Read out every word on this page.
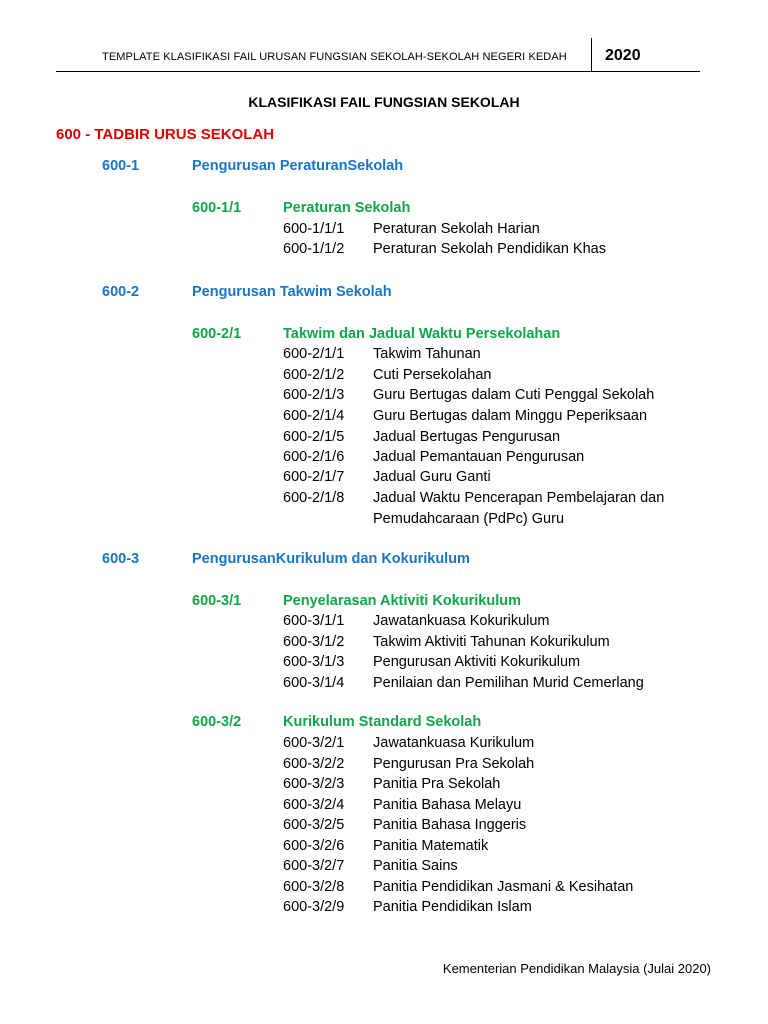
TEMPLATE KLASIFIKASI FAIL URUSAN FUNGSIAN SEKOLAH-SEKOLAH NEGERI KEDAH 2020
KLASIFIKASI FAIL FUNGSIAN SEKOLAH
600 - TADBIR URUS SEKOLAH
600-1	Pengurusan PeraturanSekolah
600-1/1	Peraturan Sekolah
600-1/1/1 Peraturan Sekolah Harian
600-1/1/2 Peraturan Sekolah Pendidikan Khas
600-2	Pengurusan Takwim Sekolah
600-2/1	Takwim dan Jadual Waktu Persekolahan
600-2/1/1 Takwim Tahunan
600-2/1/2 Cuti Persekolahan
600-2/1/3 Guru Bertugas dalam Cuti Penggal Sekolah
600-2/1/4 Guru Bertugas dalam Minggu Peperiksaan
600-2/1/5 Jadual Bertugas Pengurusan
600-2/1/6 Jadual Pemantauan Pengurusan
600-2/1/7 Jadual Guru Ganti
600-2/1/8 Jadual Waktu Pencerapan Pembelajaran dan
Pemudahcaraan (PdPc) Guru
600-3	PengurusanKurikulum dan Kokurikulum
600-3/1	Penyelarasan Aktiviti Kokurikulum
600-3/1/1 Jawatankuasa Kokurikulum
600-3/1/2 Takwim Aktiviti Tahunan Kokurikulum
600-3/1/3 Pengurusan Aktiviti Kokurikulum
600-3/1/4 Penilaian dan Pemilihan Murid Cemerlang
600-3/2	Kurikulum Standard Sekolah
600-3/2/1 Jawatankuasa Kurikulum
600-3/2/2 Pengurusan Pra Sekolah
600-3/2/3 Panitia Pra Sekolah
600-3/2/4 Panitia Bahasa Melayu
600-3/2/5 Panitia Bahasa Inggeris
600-3/2/6 Panitia Matematik
600-3/2/7 Panitia Sains
600-3/2/8 Panitia Pendidikan Jasmani & Kesihatan
600-3/2/9 Panitia Pendidikan Islam
Kementerian Pendidikan Malaysia (Julai 2020)
